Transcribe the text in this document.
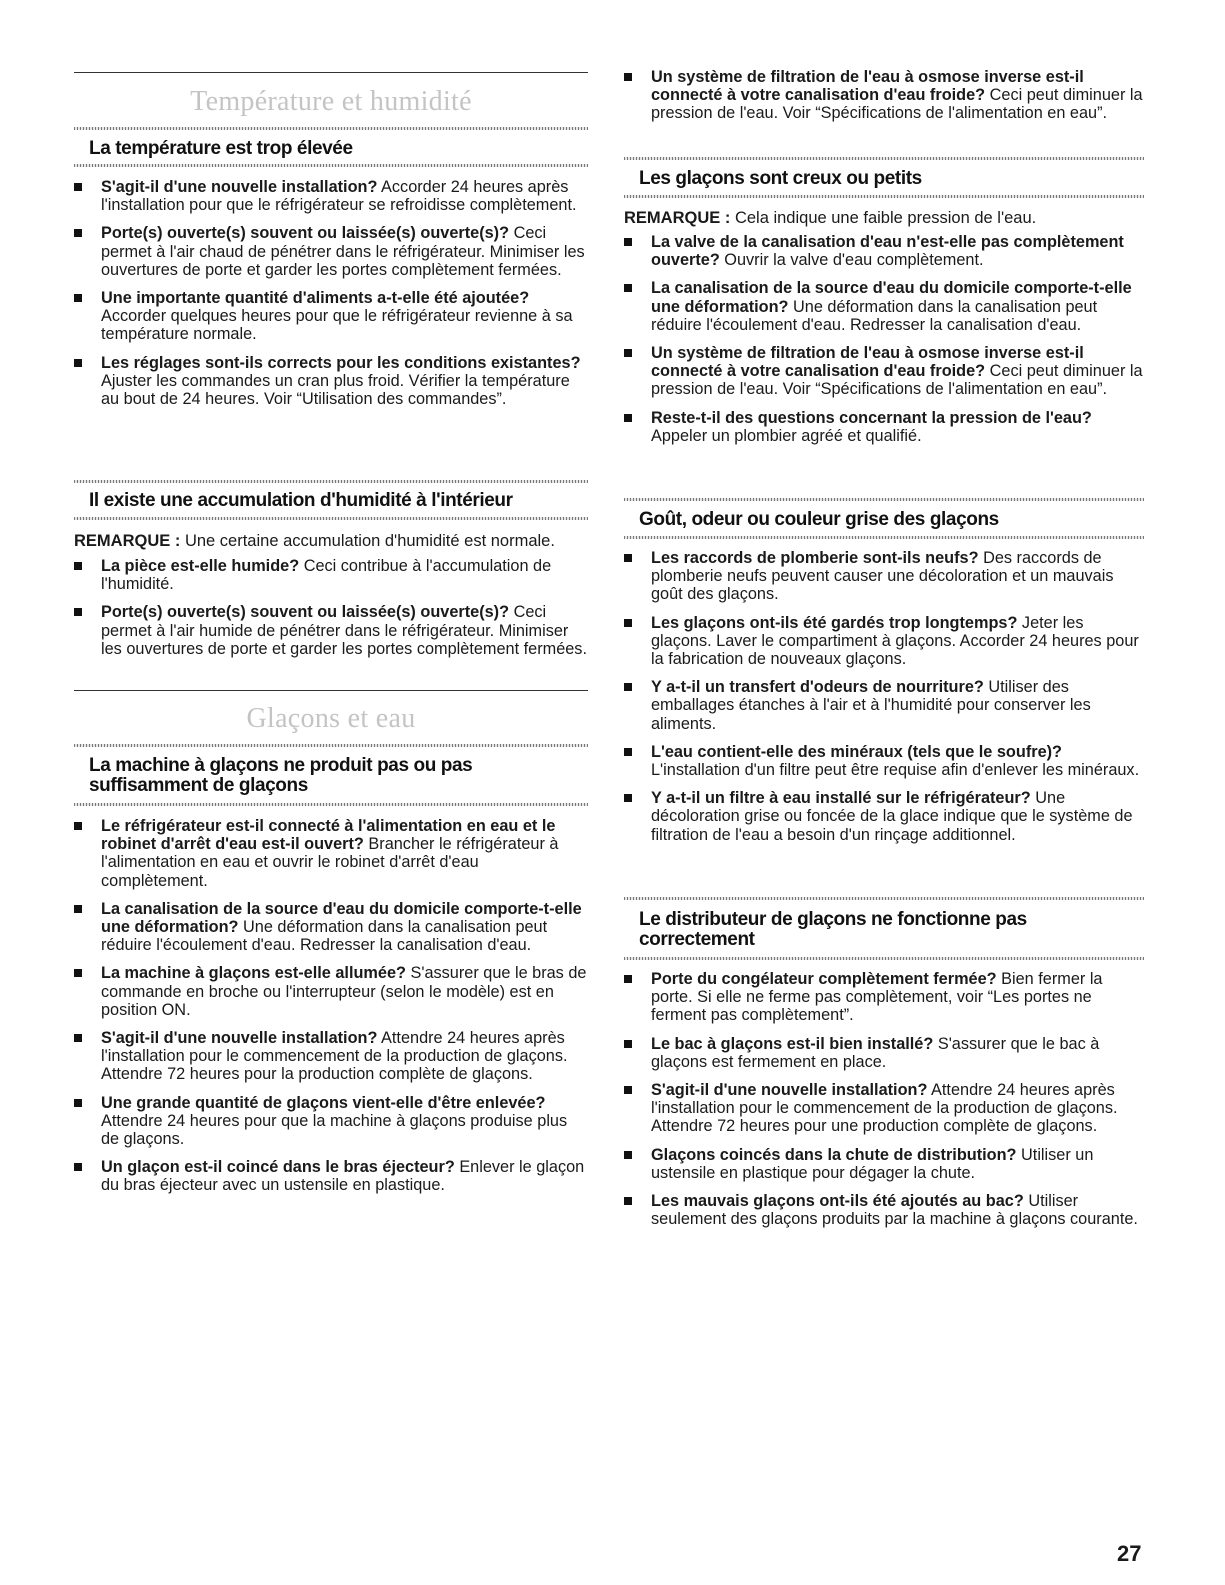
Température et humidité
La température est trop élevée
S'agit-il d'une nouvelle installation? Accorder 24 heures après l'installation pour que le réfrigérateur se refroidisse complètement.
Porte(s) ouverte(s) souvent ou laissée(s) ouverte(s)? Ceci permet à l'air chaud de pénétrer dans le réfrigérateur. Minimiser les ouvertures de porte et garder les portes complètement fermées.
Une importante quantité d'aliments a-t-elle été ajoutée? Accorder quelques heures pour que le réfrigérateur revienne à sa température normale.
Les réglages sont-ils corrects pour les conditions existantes? Ajuster les commandes un cran plus froid. Vérifier la température au bout de 24 heures. Voir “Utilisation des commandes”.
Il existe une accumulation d'humidité à l'intérieur
REMARQUE : Une certaine accumulation d'humidité est normale.
La pièce est-elle humide? Ceci contribue à l'accumulation de l'humidité.
Porte(s) ouverte(s) souvent ou laissée(s) ouverte(s)? Ceci permet à l'air humide de pénétrer dans le réfrigérateur. Minimiser les ouvertures de porte et garder les portes complètement fermées.
Glaçons et eau
La machine à glaçons ne produit pas ou pas
suffisamment de glaçons
Le réfrigérateur est-il connecté à l'alimentation en eau et le robinet d'arrêt d'eau est-il ouvert? Brancher le réfrigérateur à l'alimentation en eau et ouvrir le robinet d'arrêt d'eau complètement.
La canalisation de la source d'eau du domicile comporte-t-elle une déformation? Une déformation dans la canalisation peut réduire l'écoulement d'eau. Redresser la canalisation d'eau.
La machine à glaçons est-elle allumée? S'assurer que le bras de commande en broche ou l'interrupteur (selon le modèle) est en position ON.
S'agit-il d'une nouvelle installation? Attendre 24 heures après l'installation pour le commencement de la production de glaçons. Attendre 72 heures pour la production complète de glaçons.
Une grande quantité de glaçons vient-elle d'être enlevée? Attendre 24 heures pour que la machine à glaçons produise plus de glaçons.
Un glaçon est-il coincé dans le bras éjecteur? Enlever le glaçon du bras éjecteur avec un ustensile en plastique.
Un système de filtration de l'eau à osmose inverse est-il connecté à votre canalisation d'eau froide? Ceci peut diminuer la pression de l'eau. Voir “Spécifications de l'alimentation en eau”.
Les glaçons sont creux ou petits
REMARQUE : Cela indique une faible pression de l'eau.
La valve de la canalisation d'eau n'est-elle pas complètement ouverte? Ouvrir la valve d'eau complètement.
La canalisation de la source d'eau du domicile comporte-t-elle une déformation? Une déformation dans la canalisation peut réduire l'écoulement d'eau. Redresser la canalisation d'eau.
Un système de filtration de l'eau à osmose inverse est-il connecté à votre canalisation d'eau froide? Ceci peut diminuer la pression de l'eau. Voir “Spécifications de l'alimentation en eau”.
Reste-t-il des questions concernant la pression de l'eau? Appeler un plombier agréé et qualifié.
Goût, odeur ou couleur grise des glaçons
Les raccords de plomberie sont-ils neufs? Des raccords de plomberie neufs peuvent causer une décoloration et un mauvais goût des glaçons.
Les glaçons ont-ils été gardés trop longtemps? Jeter les glaçons. Laver le compartiment à glaçons. Accorder 24 heures pour la fabrication de nouveaux glaçons.
Y a-t-il un transfert d'odeurs de nourriture? Utiliser des emballages étanches à l'air et à l'humidité pour conserver les aliments.
L'eau contient-elle des minéraux (tels que le soufre)? L'installation d'un filtre peut être requise afin d'enlever les minéraux.
Y a-t-il un filtre à eau installé sur le réfrigérateur? Une décoloration grise ou foncée de la glace indique que le système de filtration de l'eau a besoin d'un rinçage additionnel.
Le distributeur de glaçons ne fonctionne pas
correctement
Porte du congélateur complètement fermée? Bien fermer la porte. Si elle ne ferme pas complètement, voir “Les portes ne ferment pas complètement”.
Le bac à glaçons est-il bien installé? S'assurer que le bac à glaçons est fermement en place.
S'agit-il d'une nouvelle installation? Attendre 24 heures après l'installation pour le commencement de la production de glaçons. Attendre 72 heures pour une production complète de glaçons.
Glaçons coincés dans la chute de distribution? Utiliser un ustensile en plastique pour dégager la chute.
Les mauvais glaçons ont-ils été ajoutés au bac? Utiliser seulement des glaçons produits par la machine à glaçons courante.
27
